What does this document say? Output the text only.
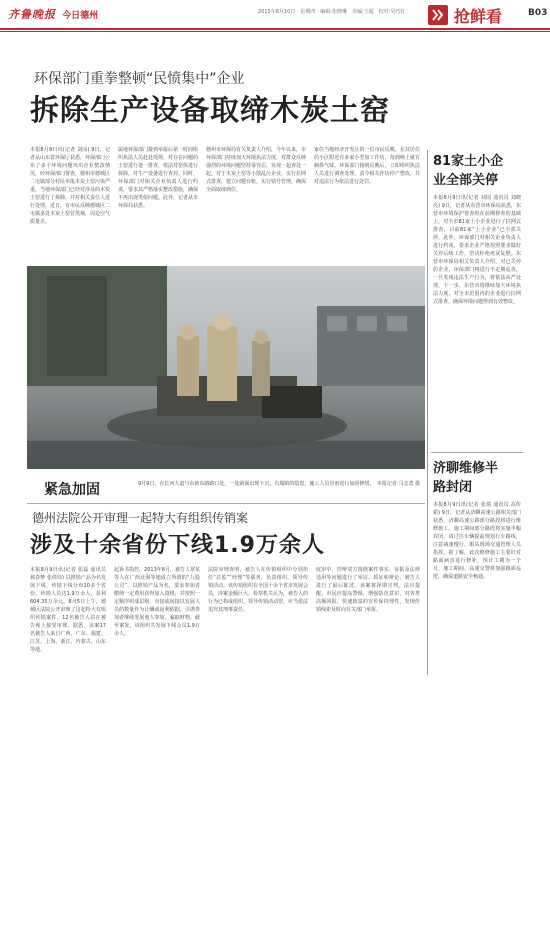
齐鲁晚报 今日德州	2015年8月10日　星期四　编辑:张晓琳　美编:王超　校对:吴巧红	抢鲜看	B03
环保部门重拳整顿“民愤集中”企业
拆除生产设备取缔木炭土窑
本报8月9日讯(记者 刘园) 9日，记者从山东省环保厅获悉，环保部门公布了多个环境问题突出企业整改情况，经环保部门督查，德州市德城区二屯镇部分村民举报木炭土窑污染严重，当地环保部门已经对涉及的木炭土窑进行了拆除，并对相关责任人进行处理。近日，有市民反映德城区二屯镇多处木炭土窑冒黑烟，周边空气质量差。
属地环保部门接到举报后第一时间组织执法人员赶赴现场，对存在问题的土窑进行逐一排查，依法对窑体进行拆除，对生产设备进行查封。同时，环保部门对相关企业负责人进行约谈，要求其严格落实整改措施，确保不再出现类似问题。此外，记者从市环保局获悉。
德州市环保局有关负责人介绍，今年以来，市环保部门持续加大环境执法力度，对群众反映强烈的环境问题坚持零容忍，发现一起查处一起。对于木炭土窑等小散乱污企业，实行拉网式排查，建立问题台账，实行销号管理，确保全面取缔到位。
家住当地经济开发区的一位市民反映，在其居住的小区附近有多家小型加工作坊，每到晚上就有刺鼻气味，环保部门接到反映后，立即组织执法人员进行调查处理，责令相关作坊停产整改，并对违法行为依法进行处罚。
紧急加固	9月9日，在长河大道与东新东路路口处，一处路面出现下沉，有塌陷的隐患，施工人员冒雨进行加固修缮。　本报记者 马志勇 摄
德州法院公开审理一起特大有组织传销案
涉及十余省份下线1.9万余人
本报8月9日讯(记者 张磊 通讯员 郝春梦 张倩玮) 以推销产品为名发展下线，传销下线分布10多个省份，传销人员达1.9万余人，获利604.35万余元。8月5日上午，德城区法院公开审理了这起特大有组织传销案件，12名被告人站在被告席上接受审理。据悉，该案17名被告人来自广西、广东、福建、江苏、上海、浙江、内蒙古、山东等地。
起诉书指控，2013年8月，被告人覃某等人在广西北海等地成立所谓的“九股公司”，以推销产品为名，要求参加者缴纳一定费用获得加入资格，并按照一定顺序组成层级，直接或间接以发展人员的数量作为计酬或返利依据，引诱参加者继续发展他人参加，骗取财物。截至案发，该组织共发展下线会员1.9万余人。
法院审理查明，被告人在传销组织中分别担任“总监”“经理”等职务，负责组织、领导传销活动。该传销组织在全国十余个省市发展会员，涉案金额巨大。检察机关认为，被告人的行为已构成组织、领导传销活动罪，应当依法追究其刑事责任。
庭审中，控辩双方围绕案件事实、证据及法律适用等问题进行了举证、质证和辩论，被告人进行了最后陈述。该案将择期宣判。法官提醒，市民应提高警惕，增强防范意识，对各类高额回报、快速致富的宣传保持理性，发现传销线索及时向有关部门举报。
81家土小企业全部关停
本报8月9日讯(记者 刘园 通讯员 刘晓亮) 9日，记者从东营市环保局获悉，东营市环境保护督查组在前期督查的基础上，对全市81家土小企业进行了拉网式排查，目前81家“土小企业”已全部关停。此外，环保部门对相关企业负责人进行约谈，要求企业严格按照要求做好关停后续工作，坚决杜绝死灰复燃。东营市环保局相关负责人介绍，对已关停的企业，环保部门将进行不定期巡查，一旦发现违法生产行为，将依法从严处理。下一步，东营市将继续加大环境执法力度，对全市范围内的企业进行拉网式排查，确保环境问题得到有效整改。
济聊维修半路封闭
本报8月9日讯(记者 张倩 通讯员 高传韬) 9日，记者从济聊高速公路相关部门获悉，济聊高速公路部分路段将进行维修施工，施工期间部分路段将实施半幅封闭，请过往车辆提前规划行车路线，注意减速慢行，服从现场交通管理人员指挥。据了解，此次维修施工主要针对路面病害进行修补，预计工期为一个月。施工期间，高速交警将加强路面巡逻，确保道路安全畅通。
